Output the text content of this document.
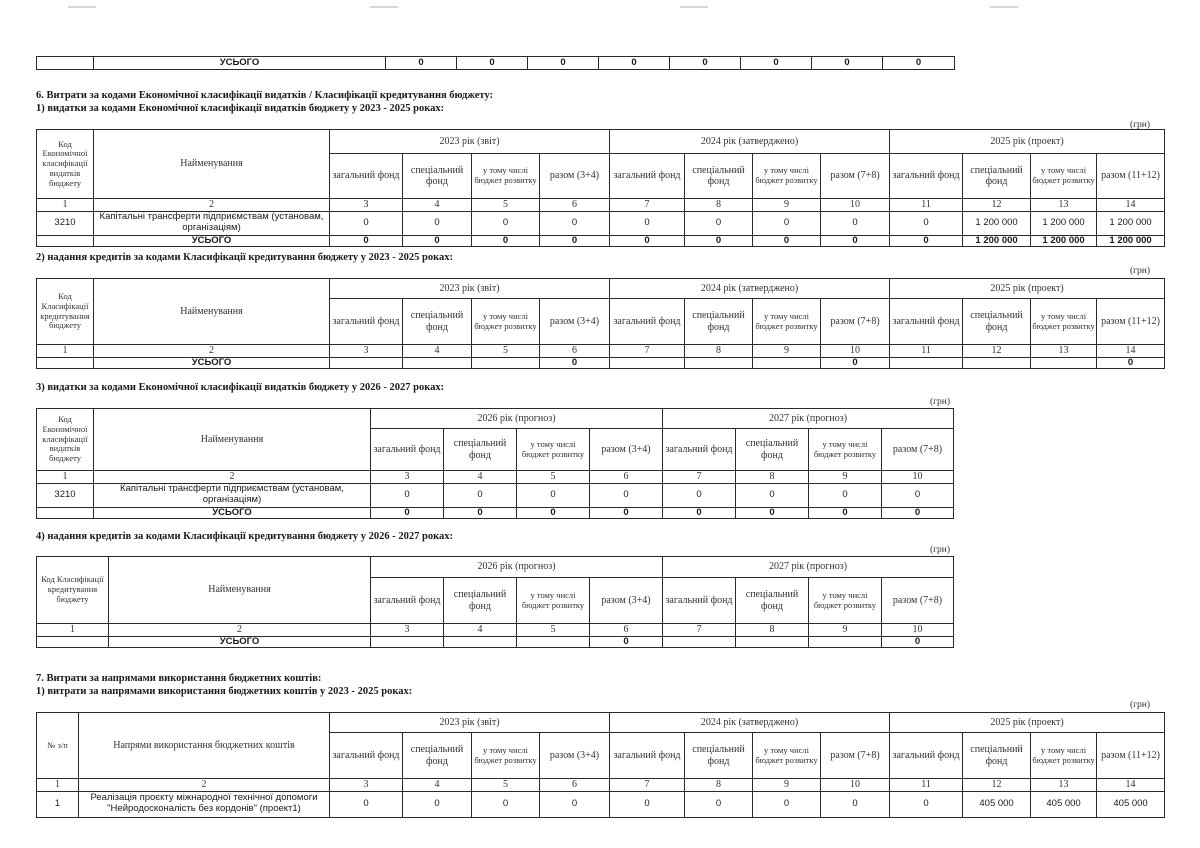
	УСЬОГО	0	0	0	0	0	0	0	0
6. Витрати за кодами Економічної класифікації видатків / Класифікації кредитування бюджету:
1) видатки за кодами Економічної класифікації видатків бюджету у 2023 - 2025 роках:
(грн)
Код Економічної класифікації видатків бюджету	Найменування	2023 рік (звіт)				2024 рік (затверджено)				2025 рік (проект)			
		загальний фонд	спеціальний фонд	у тому числі бюджет розвитку	разом (3+4)	загальний фонд	спеціальний фонд	у тому числі бюджет розвитку	разом (7+8)	загальний фонд	спеціальний фонд	у тому числі бюджет розвитку	разом (11+12)
1	2	3	4	5	6	7	8	9	10	11	12	13	14
3210	Капітальні трансферти підприємствам (установам, організаціям)	0	0	0	0	0	0	0	0	0	1 200 000	1 200 000	1 200 000
	УСЬОГО	0	0	0	0	0	0	0	0	0	1 200 000	1 200 000	1 200 000
2) надання кредитів за кодами Класифікації кредитування бюджету у 2023 - 2025 роках:
(грн)
Код Класифікації кредитування бюджету	Найменування	2023 рік (звіт)				2024 рік (затверджено)				2025 рік (проект)			
		загальний фонд	спеціальний фонд	у тому числі бюджет розвитку	разом (3+4)	загальний фонд	спеціальний фонд	у тому числі бюджет розвитку	разом (7+8)	загальний фонд	спеціальний фонд	у тому числі бюджет розвитку	разом (11+12)
1	2	3	4	5	6	7	8	9	10	11	12	13	14
	УСЬОГО				0				0				0
3) видатки за кодами Економічної класифікації видатків бюджету у 2026 - 2027 роках:
(грн)
Код Економічної класифікації видатків бюджету	Найменування	2026 рік (прогноз)				2027 рік (прогноз)			
		загальний фонд	спеціальний фонд	у тому числі бюджет розвитку	разом (3+4)	загальний фонд	спеціальний фонд	у тому числі бюджет розвитку	разом (7+8)
1	2	3	4	5	6	7	8	9	10
3210	Капітальні трансферти підприємствам (установам, організаціям)	0	0	0	0	0	0	0	0
	УСЬОГО	0	0	0	0	0	0	0	0
4) надання кредитів за кодами Класифікації кредитування бюджету у 2026 - 2027 роках:
(грн)
Код Класифікації кредитування бюджету	Найменування	2026 рік (прогноз)				2027 рік (прогноз)			
		загальний фонд	спеціальний фонд	у тому числі бюджет розвитку	разом (3+4)	загальний фонд	спеціальний фонд	у тому числі бюджет розвитку	разом (7+8)
1	2	3	4	5	6	7	8	9	10
	УСЬОГО				0				0
7. Витрати за напрямами використання бюджетних коштів:
1) витрати за напрямами використання бюджетних коштів у 2023 - 2025 роках:
(грн)
№ з/п	Напрями використання бюджетних коштів	2023 рік (звіт)				2024 рік (затверджено)				2025 рік (проект)			
		загальний фонд	спеціальний фонд	у тому числі бюджет розвитку	разом (3+4)	загальний фонд	спеціальний фонд	у тому числі бюджет розвитку	разом (7+8)	загальний фонд	спеціальний фонд	у тому числі бюджет розвитку	разом (11+12)
1	2	3	4	5	6	7	8	9	10	11	12	13	14
1	Реалізація проєкту міжнародної технічної допомоги "Нейродосконалість без кордонів" (проект1)	0	0	0	0	0	0	0	0	0	405 000	405 000	405 000
